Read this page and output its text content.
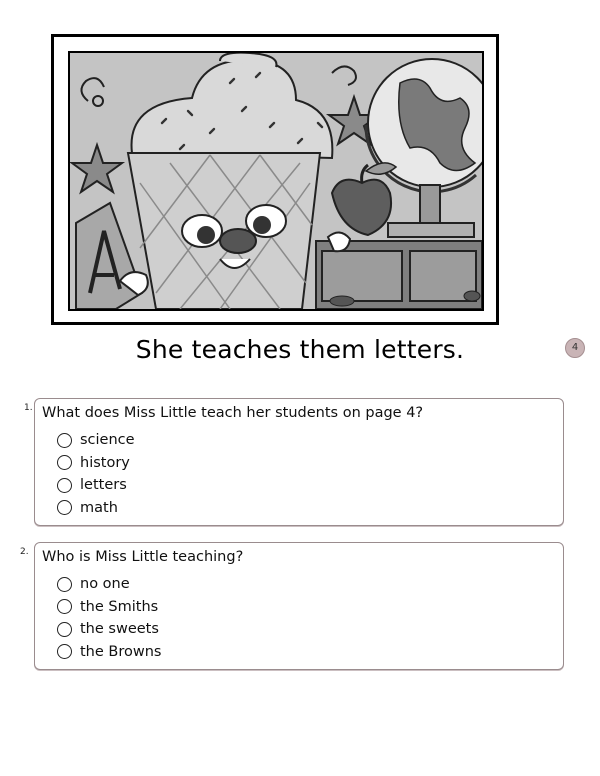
She teaches them letters.	4
1. What does Miss Little teach her students on page 4?
science
history
letters
math
2. Who is Miss Little teaching?
no one
the Smiths
the sweets
the Browns
